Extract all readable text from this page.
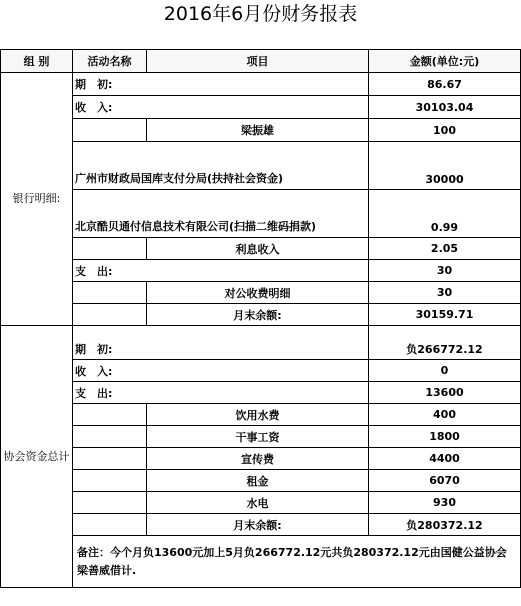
2016年6月份财务报表
组 别	活动名称	项目	金额(单位:元)
银行明细:	期　初:		86.67
	收　入:		30103.04
		梁振雄	100
	广州市财政局国库支付分局(扶持社会资金)		30000
	北京酷贝通付信息技术有限公司(扫描二维码捐款)		0.99
		利息收入	2.05
	支　出:		30
		对公收费明细	30
		月末余额:	30159.71
协会资金总计	期　初:		负266772.12
	收　入:		0
	支　出:		13600
		饮用水费	400
		干事工资	1800
		宣传费	4400
		租金	6070
		水电	930
		月末余额:	负280372.12
	备注：今个月负13600元加上5月负266772.12元共负280372.12元由国健公益协会梁善威借计.		
